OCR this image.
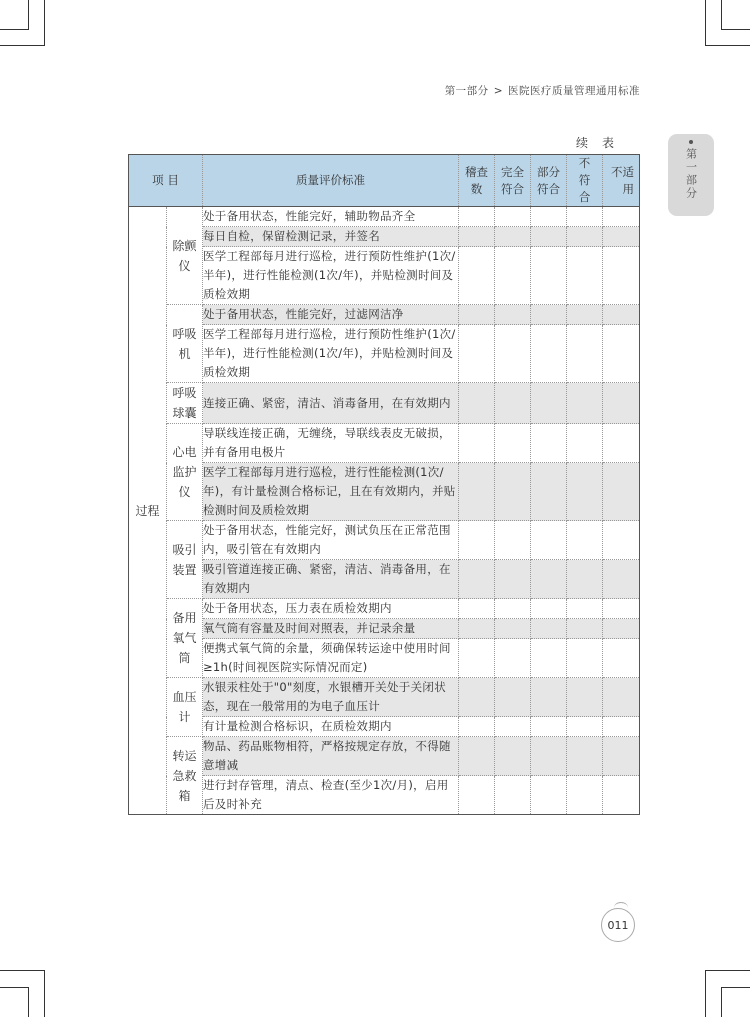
第一部分 > 医院医疗质量管理通用标准
第一部分
续表
项 目		质量评价标准	稽查数	完全符合	部分符合	不符合	不适用
过程	除颤仪	处于备用状态，性能完好，辅助物品齐全					
		每日自检，保留检测记录，并签名					
		医学工程部每月进行巡检，进行预防性维护(1次/半年)，进行性能检测(1次/年)，并贴检测时间及质检效期					
	呼吸机	处于备用状态，性能完好，过滤网洁净					
		医学工程部每月进行巡检，进行预防性维护(1次/半年)，进行性能检测(1次/年)，并贴检测时间及质检效期					
	呼吸球囊	连接正确、紧密，清洁、消毒备用，在有效期内					
	心电监护仪	导联线连接正确，无缠绕，导联线表皮无破损，并有备用电极片					
		医学工程部每月进行巡检，进行性能检测(1次/年)，有计量检测合格标记，且在有效期内，并贴检测时间及质检效期					
	吸引装置	处于备用状态，性能完好，测试负压在正常范围内，吸引管在有效期内					
		吸引管道连接正确、紧密，清洁、消毒备用，在有效期内					
	备用氧气筒	处于备用状态，压力表在质检效期内					
		氧气筒有容量及时间对照表，并记录余量					
		便携式氧气筒的余量，须确保转运途中使用时间≥1h(时间视医院实际情况而定)					
	血压计	水银汞柱处于"0"刻度，水银槽开关处于关闭状态，现在一般常用的为电子血压计					
		有计量检测合格标识，在质检效期内					
	转运急救箱	物品、药品账物相符，严格按规定存放，不得随意增减					
		进行封存管理，清点、检查(至少1次/月)，启用后及时补充					
011
